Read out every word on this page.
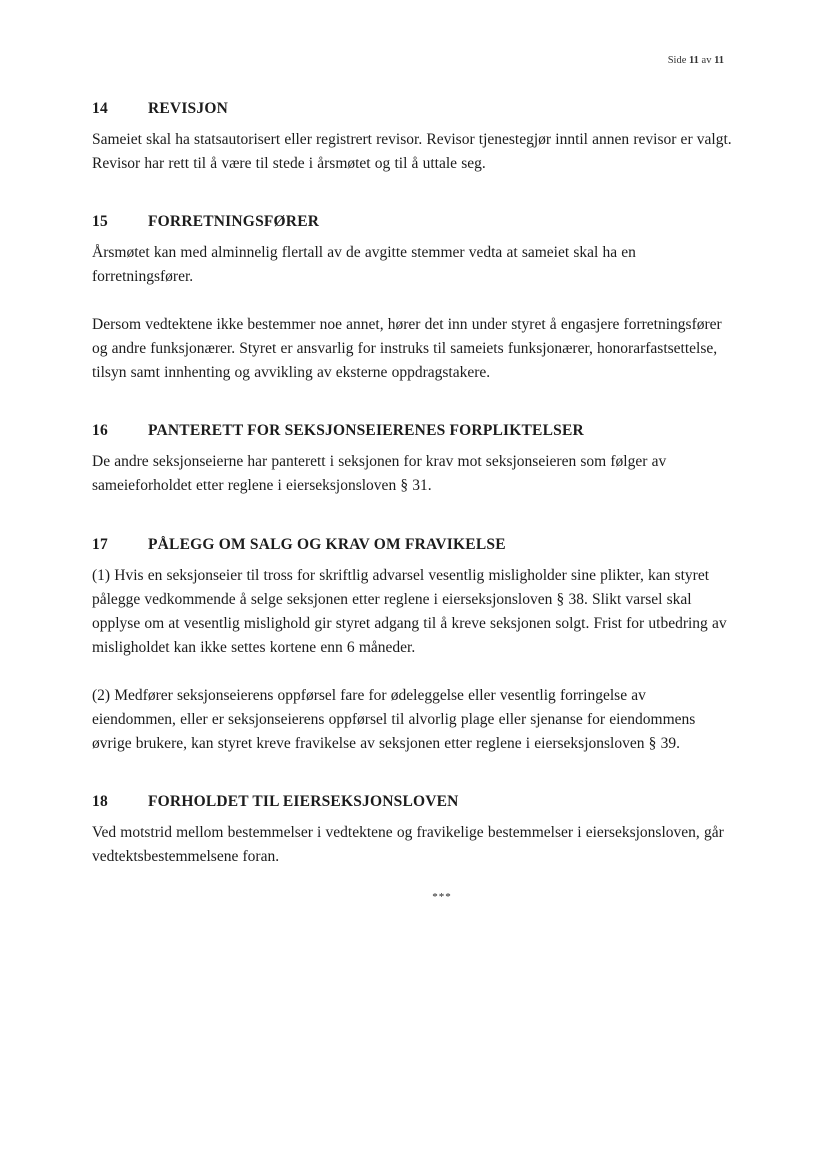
Side 11 av 11
14	REVISJON

Sameiet skal ha statsautorisert eller registrert revisor. Revisor tjenestegjør inntil annen revisor er valgt. Revisor har rett til å være til stede i årsmøtet og til å uttale seg.

15	FORRETNINGSFØRER

Årsmøtet kan med alminnelig flertall av de avgitte stemmer vedta at sameiet skal ha en forretningsfører.

Dersom vedtektene ikke bestemmer noe annet, hører det inn under styret å engasjere forretningsfører og andre funksjonærer. Styret er ansvarlig for instruks til sameiets funksjonærer, honorarfastsettelse, tilsyn samt innhenting og avvikling av eksterne oppdragstakere.

16	PANTERETT FOR SEKSJONSEIERENES FORPLIKTELSER

De andre seksjonseierne har panterett i seksjonen for krav mot seksjonseieren som følger av sameieforholdet etter reglene i eierseksjonsloven § 31.

17	PÅLEGG OM SALG OG KRAV OM FRAVIKELSE

(1) Hvis en seksjonseier til tross for skriftlig advarsel vesentlig misligholder sine plikter, kan styret pålegge vedkommende å selge seksjonen etter reglene i eierseksjonsloven § 38. Slikt varsel skal opplyse om at vesentlig mislighold gir styret adgang til å kreve seksjonen solgt. Frist for utbedring av misligholdet kan ikke settes kortene enn 6 måneder.

(2) Medfører seksjonseierens oppførsel fare for ødeleggelse eller vesentlig forringelse av eiendommen, eller er seksjonseierens oppførsel til alvorlig plage eller sjenanse for eiendommens øvrige brukere, kan styret kreve fravikelse av seksjonen etter reglene i eierseksjonsloven § 39.

18	FORHOLDET TIL EIERSEKSJONSLOVEN

Ved motstrid mellom bestemmelser i vedtektene og fravikelige bestemmelser i eierseksjonsloven, går vedtektsbestemmelsene foran.

***
